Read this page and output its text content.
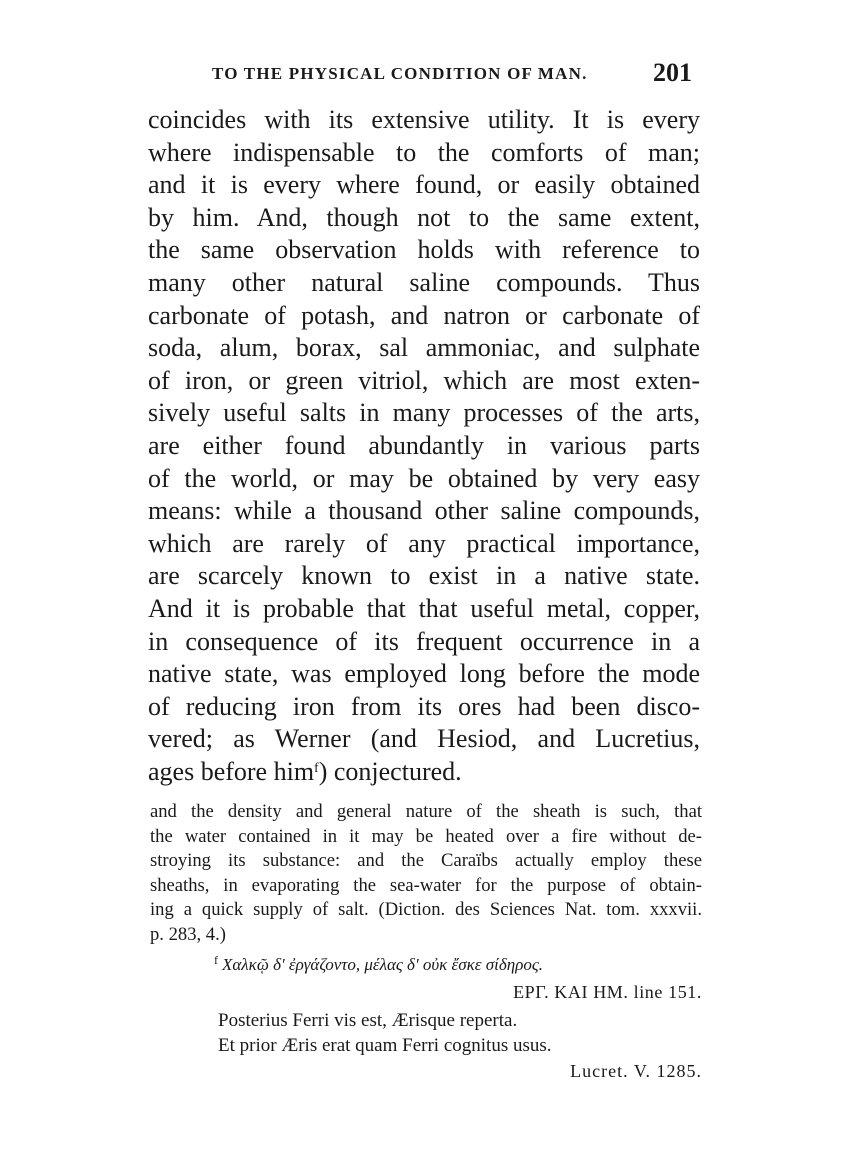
TO THE PHYSICAL CONDITION OF MAN.	201
coincides with its extensive utility. It is every
where indispensable to the comforts of man;
and it is every where found, or easily obtained
by him. And, though not to the same extent,
the same observation holds with reference to
many other natural saline compounds. Thus
carbonate of potash, and natron or carbonate of
soda, alum, borax, sal ammoniac, and sulphate
of iron, or green vitriol, which are most exten-
sively useful salts in many processes of the arts,
are either found abundantly in various parts
of the world, or may be obtained by very easy
means: while a thousand other saline compounds,
which are rarely of any practical importance,
are scarcely known to exist in a native state.
And it is probable that that useful metal, copper,
in consequence of its frequent occurrence in a
native state, was employed long before the mode
of reducing iron from its ores had been disco-
vered; as Werner (and Hesiod, and Lucretius,
ages before him$^f$) conjectured.
and the density and general nature of the sheath is such, that
the water contained in it may be heated over a fire without de-
stroying its substance: and the Caraïbs actually employ these
sheaths, in evaporating the sea-water for the purpose of obtain-
ing a quick supply of salt. (Diction. des Sciences Nat. tom. xxxvii.
p. 283, 4.)
$^f$ Χαλκῷ δ' ἐργάζοντο, μέλας δ' οὐκ ἔσκε σίδηρος.
ΕΡΓ. ΚΑΙ ΗΜ. line 151.
Posterius Ferri vis est, Ærisque reperta.
Et prior Æris erat quam Ferri cognitus usus.
Lucret. V. 1285.
